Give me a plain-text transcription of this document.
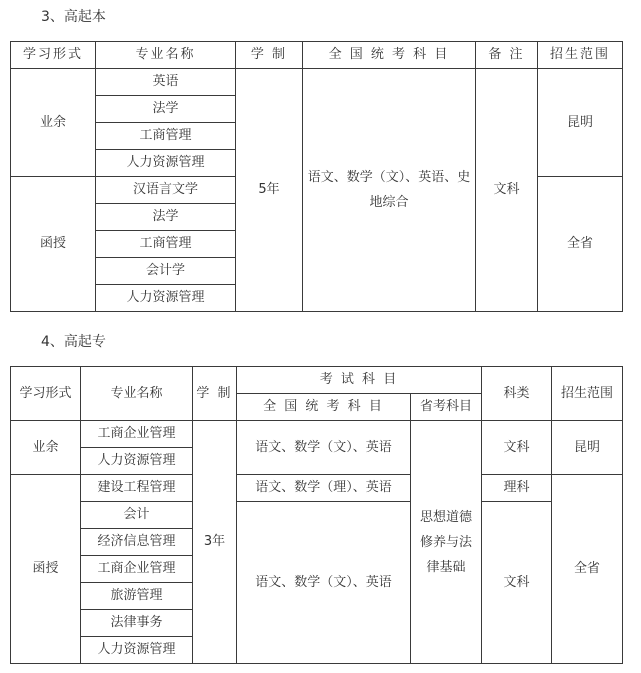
3、高起本
学习形式	专业名称	学 制	全 国 统 考 科 目	备 注	招生范围
业余	英语	5年	语文、数学（文）、英语、史地综合	文科	昆明
	法学				
	工商管理				
	人力资源管理				
函授	汉语言文学				全省
	法学				
	工商管理				
	会计学				
	人力资源管理				
4、高起专
学习形式	专业名称	学 制	考 试 科 目		科类	招生范围
			全 国 统 考 科 目	省考科目		
业余	工商企业管理	3年	语文、数学（文）、英语	思想道德修养与法律基础	文科	昆明
	人力资源管理					
函授	建设工程管理		语文、数学（理）、英语		理科	全省
	会计		语文、数学（文）、英语		文科	
	经济信息管理					
	工商企业管理					
	旅游管理					
	法律事务					
	人力资源管理					
